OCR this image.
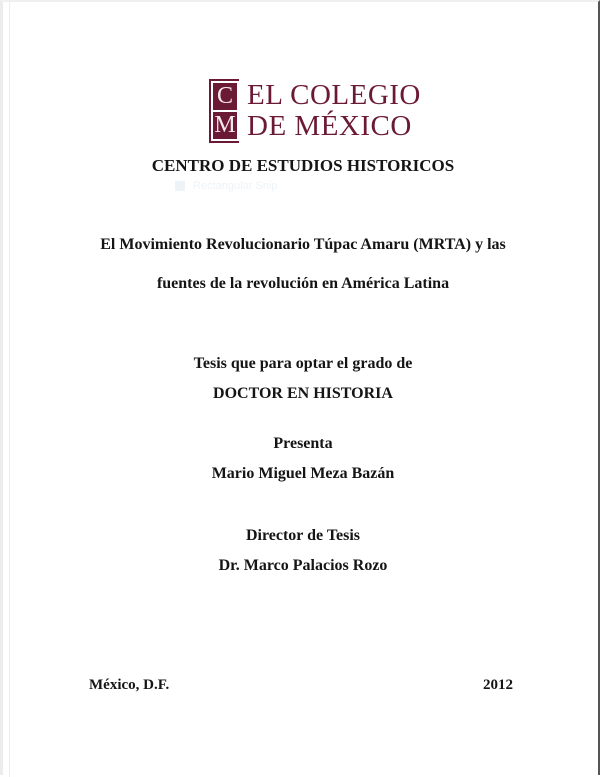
C
M
EL COLEGIO
DE MÉXICO
CENTRO DE ESTUDIOS HISTORICOS
Rectangular Snip
El Movimiento Revolucionario Túpac Amaru (MRTA) y las
fuentes de la revolución en América Latina
Tesis que para optar el grado de
DOCTOR EN HISTORIA
Presenta
Mario Miguel Meza Bazán
Director de Tesis
Dr. Marco Palacios Rozo
México, D.F.	2012
